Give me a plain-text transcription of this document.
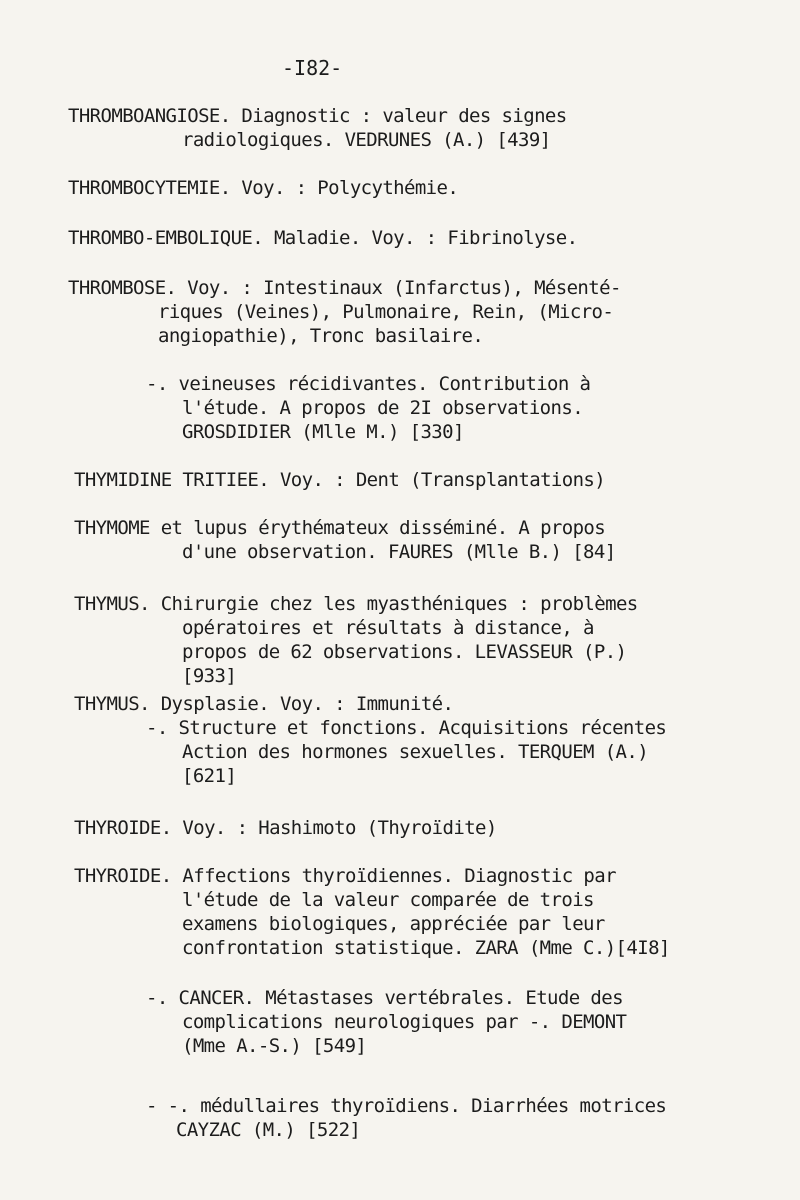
-I82-
THROMBOANGIOSE. Diagnostic : valeur des signes
radiologiques. VEDRUNES (A.) [439]
THROMBOCYTEMIE. Voy. : Polycythémie.
THROMBO-EMBOLIQUE. Maladie. Voy. : Fibrinolyse.
THROMBOSE. Voy. : Intestinaux (Infarctus), Mésenté-
riques (Veines), Pulmonaire, Rein, (Micro-
angiopathie), Tronc basilaire.
-. veineuses récidivantes. Contribution à
l'étude. A propos de 2I observations.
GROSDIDIER (Mlle M.) [330]
THYMIDINE TRITIEE. Voy. : Dent (Transplantations)
THYMOME et lupus érythémateux disséminé. A propos
d'une observation. FAURES (Mlle B.) [84]
THYMUS. Chirurgie chez les myasthéniques : problèmes
opératoires et résultats à distance, à
propos de 62 observations. LEVASSEUR (P.)
[933]
THYMUS. Dysplasie. Voy. : Immunité.
-. Structure et fonctions. Acquisitions récentes
Action des hormones sexuelles. TERQUEM (A.)
[621]
THYROIDE. Voy. : Hashimoto (Thyroïdite)
THYROIDE. Affections thyroïdiennes. Diagnostic par
l'étude de la valeur comparée de trois
examens biologiques, appréciée par leur
confrontation statistique. ZARA (Mme C.)[4I8]
-. CANCER. Métastases vertébrales. Etude des
complications neurologiques par -. DEMONT
(Mme A.-S.) [549]
- -. médullaires thyroïdiens. Diarrhées motrices
CAYZAC (M.) [522]
